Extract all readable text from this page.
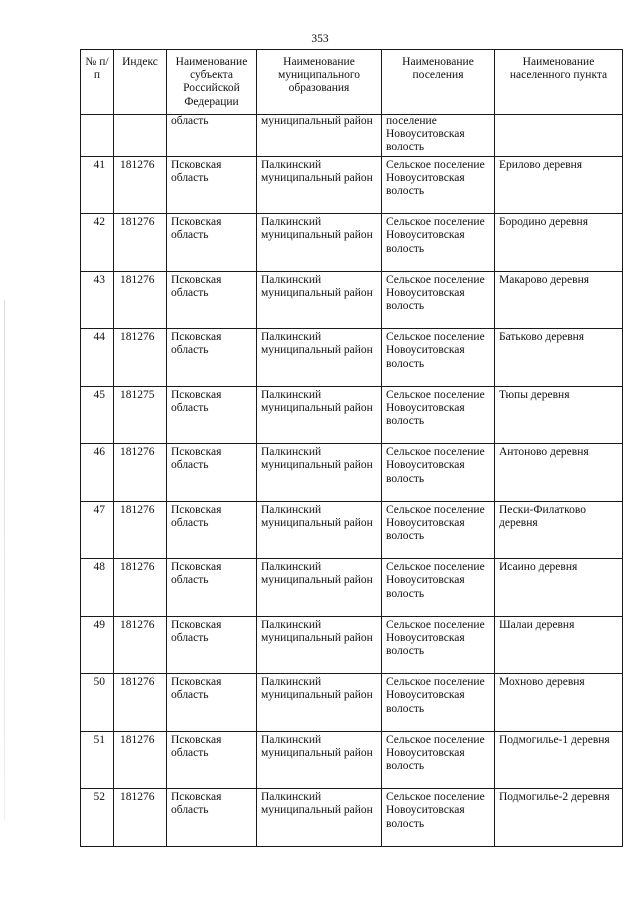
353
№ п/п	Индекс	Наименование субъекта Российской Федерации	Наименование муниципального образования	Наименование поселения	Наименование населенного пункта
		область	муниципальный район	поселение Новоуситовская волость	
41	181276	Псковская область	Палкинский муниципальный район	Сельское поселение Новоуситовская волость	Ерилово деревня
42	181276	Псковская область	Палкинский муниципальный район	Сельское поселение Новоуситовская волость	Бородино деревня
43	181276	Псковская область	Палкинский муниципальный район	Сельское поселение Новоуситовская волость	Макарово деревня
44	181276	Псковская область	Палкинский муниципальный район	Сельское поселение Новоуситовская волость	Батьково деревня
45	181275	Псковская область	Палкинский муниципальный район	Сельское поселение Новоуситовская волость	Тюпы деревня
46	181276	Псковская область	Палкинский муниципальный район	Сельское поселение Новоуситовская волость	Антоново деревня
47	181276	Псковская область	Палкинский муниципальный район	Сельское поселение Новоуситовская волость	Пески-Филатково деревня
48	181276	Псковская область	Палкинский муниципальный район	Сельское поселение Новоуситовская волость	Исаино деревня
49	181276	Псковская область	Палкинский муниципальный район	Сельское поселение Новоуситовская волость	Шалаи деревня
50	181276	Псковская область	Палкинский муниципальный район	Сельское поселение Новоуситовская волость	Мохново деревня
51	181276	Псковская область	Палкинский муниципальный район	Сельское поселение Новоуситовская волость	Подмогилье-1 деревня
52	181276	Псковская область	Палкинский муниципальный район	Сельское поселение Новоуситовская волость	Подмогилье-2 деревня
